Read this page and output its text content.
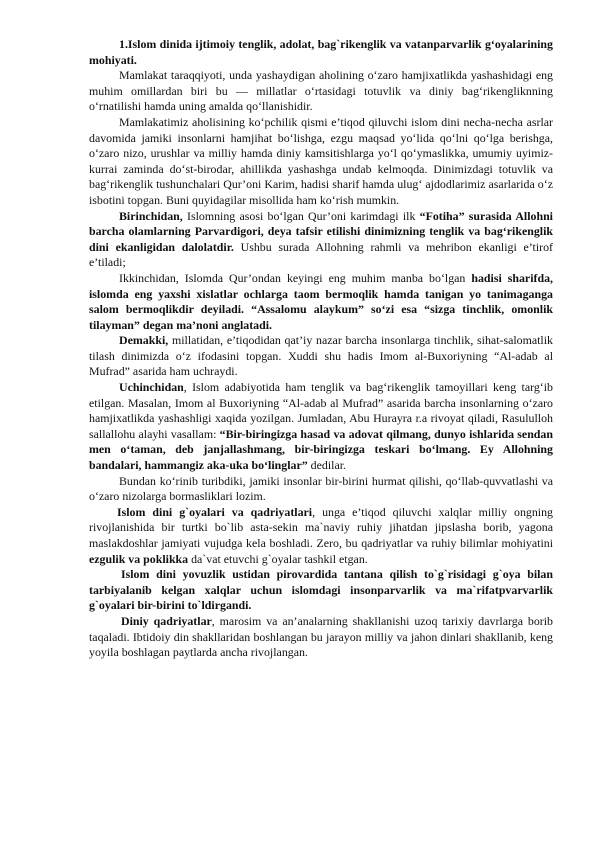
1.Islom dinida ijtimoiy tenglik, adolat, bag`rikenglik va vatanparvarlik g‘oyalarining mohiyati.

Mamlakat taraqqiyoti, unda yashaydigan aholining o‘zaro hamjixatlikda yashashidagi eng muhim omillardan biri bu — millatlar o‘rtasidagi totuvlik va diniy bag‘rikengliknning o‘rnatilishi hamda uning amalda qo‘llanishidir.

Mamlakatimiz aholisining ko‘pchilik qismi e’tiqod qiluvchi islom dini necha-necha asrlar davomida jamiki insonlarni hamjihat bo‘lishga, ezgu maqsad yo‘lida qo‘lni qo‘lga berishga, o‘zaro nizo, urushlar va milliy hamda diniy kamsitishlarga yo‘l qo‘ymaslikka, umumiy uyimiz-kurrai zaminda do‘st-birodar, ahillikda yashashga undab kelmoqda. Dinimizdagi totuvlik va bag‘rikenglik tushunchalari Qur’oni Karim, hadisi sharif hamda ulug‘ ajdodlarimiz asarlarida o‘z isbotini topgan. Buni quyidagilar misollida ham ko‘rish mumkin.

Birinchidan, Islomning asosi bo‘lgan Qur’oni karimdagi ilk “Fotiha” surasida Allohni barcha olamlarning Parvardigori, deya tafsir etilishi dinimizning tenglik va bag‘rikenglik dini ekanligidan dalolatdir. Ushbu surada Allohning rahmli va mehribon ekanligi e’tirof e’tiladi;

Ikkinchidan, Islomda Qur’ondan keyingi eng muhim manba bo‘lgan hadisi sharifda, islomda eng yaxshi xislatlar ochlarga taom bermoqlik hamda tanigan yo tanimaganga salom bermoqlikdir deyiladi. “Assalomu alaykum” so‘zi esa “sizga tinchlik, omonlik tilayman” degan ma’noni anglatadi.

Demakki, millatidan, e’tiqodidan qat’iy nazar barcha insonlarga tinchlik, sihat-salomatlik tilash dinimizda o‘z ifodasini topgan. Xuddi shu hadis Imom al-Buxoriyning “Al-adab al Mufrad” asarida ham uchraydi.

Uchinchidan, Islom adabiyotida ham tenglik va bag‘rikenglik tamoyillari keng targ‘ib etilgan. Masalan, Imom al Buxoriyning “Al-adab al Mufrad” asarida barcha insonlarning o‘zaro hamjixatlikda yashashligi xaqida yozilgan. Jumladan, Abu Hurayra r.a rivoyat qiladi, Rasululloh sallallohu alayhi vasallam: “Bir-biringizga hasad va adovat qilmang, dunyo ishlarida sendan men o‘taman, deb janjallashmang, bir-biringizga teskari bo‘lmang. Ey Allohning bandalari, hammangiz aka-uka bo‘linglar” dedilar.

Bundan ko‘rinib turibdiki, jamiki insonlar bir-birini hurmat qilishi, qo‘llab-quvvatlashi va o‘zaro nizolarga bormasliklari lozim.

Islom dini g`oyalari va qadriyatlari, unga e’tiqod qiluvchi xalqlar milliy ongning rivojlanishida bir turtki bo`lib asta-sekin ma`naviy ruhiy jihatdan jipslasha borib, yagona maslakdoshlar jamiyati vujudga kela boshladi. Zero, bu qadriyatlar va ruhiy bilimlar mohiyatini ezgulik va poklikka da`vat etuvchi g`oyalar tashkil etgan.

Islom dini yovuzlik ustidan pirovardida tantana qilish to`g`risidagi g`oya bilan tarbiyalanib kelgan xalqlar uchun islomdagi insonparvarlik va ma`rifatpvarvarlik g`oyalari bir-birini to`ldirgandi.

Diniy qadriyatlar, marosim va an’analarning shakllanishi uzoq tarixiy davrlarga borib taqaladi. Ibtidoiy din shakllaridan boshlangan bu jarayon milliy va jahon dinlari shakllanib, keng yoyila boshlagan paytlarda ancha rivojlangan.
